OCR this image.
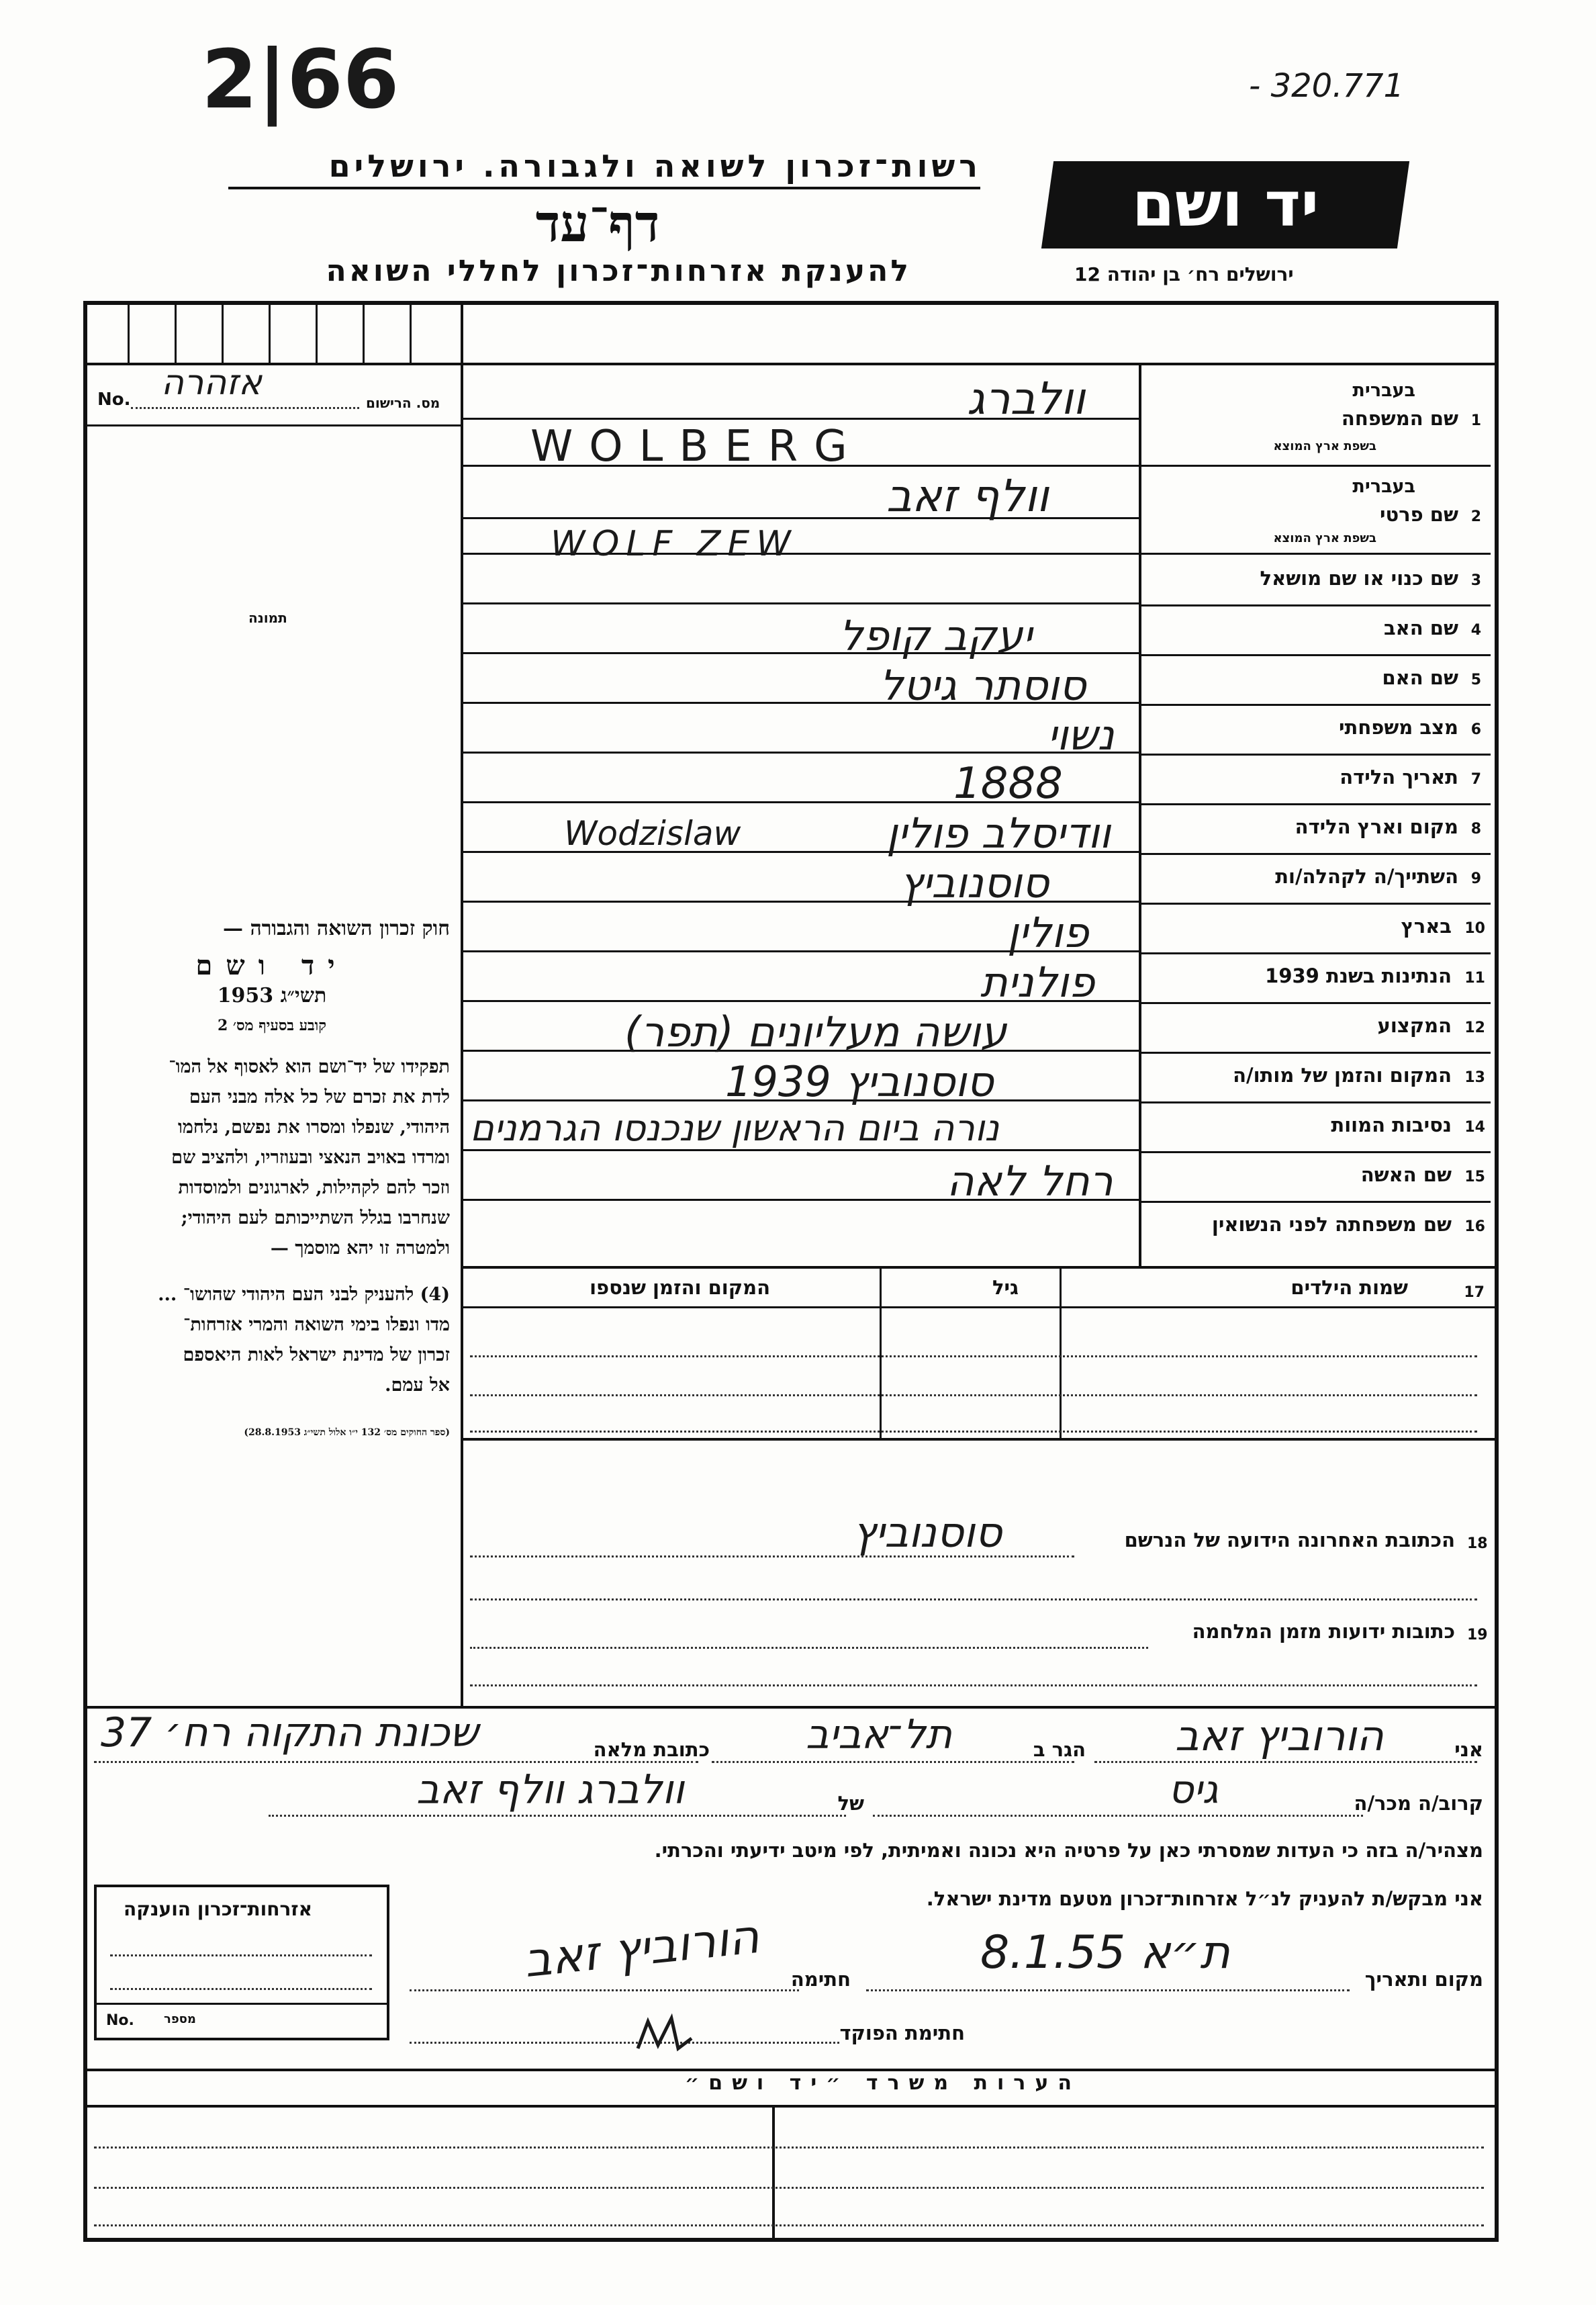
2|66	- 320.771
רשות־זכרון לשואה ולגבורה. ירושלים
דף־עד
להענקת אזרחות־זכרון לחללי השואה
יד ושם
ירושלים רח׳ בן יהודה 12
No. אזהרה	מס. הרישום
תמונה
בעברית
שם המשפחה 1
בשפת ארץ המוצא
בעברית
שם פרטי 2
בשפת ארץ המוצא
שם כנוי או שם מושאל 3
שם האב 4
שם האם 5
מצב משפחתי 6
תאריך הלידה 7
מקום וארץ הלידה 8
השתייך/ה לקהלה/ות 9
בארץ 10
הנתינות בשנת 1939 11
המקצוע 12
המקום והזמן של מותו/ה 13
נסיבות המוות 14
שם האשה 15
שם משפחתה לפני הנשואין 16
וולברג
WOLBERG
וולף זאב
WOLF ZEW
יעקב קופל
סוסתר גיטל
נשוי
1888
וודיסלב פולין
Wodzislaw
סוסנוביץ
פולין
פולנית
עושה מעליונים (תפר)
סוסנוביץ 1939
נורה ביום הראשון שנכנסו הגרמנים
רחל לאה
חוק זכרון השואה והגבורה —
יד ושם
תשי״ג 1953
קובע בסעיף מס׳ 2
תפקידו של יד־ושם הוא לאסוף אל המו־
לדת את זכרם של כל אלה מבני העם
היהודי, שנפלו ומסרו את נפשם, נלחמו
ומרדו באויב הנאצי ובעוזריו, ולהציב שם
וזכר להם לקהילות, לארגונים ולמוסדות
שנחרבו בגלל השתייכותם לעם היהודי;
ולמטרה זו יהא מוסמך —
(4) להעניק לבני העם היהודי שהושו־ ...
מדו ונפלו בימי השואה והמרי אזרחות־
זכרון של מדינת ישראל לאות היאספם
אל עמם.
(ספר החוקים מס׳ 132 י״ו אלול תשי״ג 28.8.1953)
17
שמות הילדים
גיל
המקום והזמן שנספו
הכתובת האחרונה הידועה של הנרשם 18
סוסנוביץ
כתובות ידועות מזמן המלחמה 19
אני
הורוביץ זאב
הגר ב
תל־אביב
כתובת מלאה
שכונת התקוה רח׳ 37
קרוב/ה מכר/ה
גיס
של
וולברג וולף זאב
מצהיר/ה בזה כי העדות שמסרתי כאן על פרטיה היא נכונה ואמיתית, לפי מיטב ידיעתי והכרתי.
אני מבקש/ת להעניק לנ״ל אזרחות־זכרון מטעם מדינת ישראל.
מקום ותאריך
ת״א 8.1.55
חתימה
הורוביץ זאב
חתימת הפוקד
אזרחות־זכרון הוענקה
No. מספר
הערות משרד ״יד ושם״
